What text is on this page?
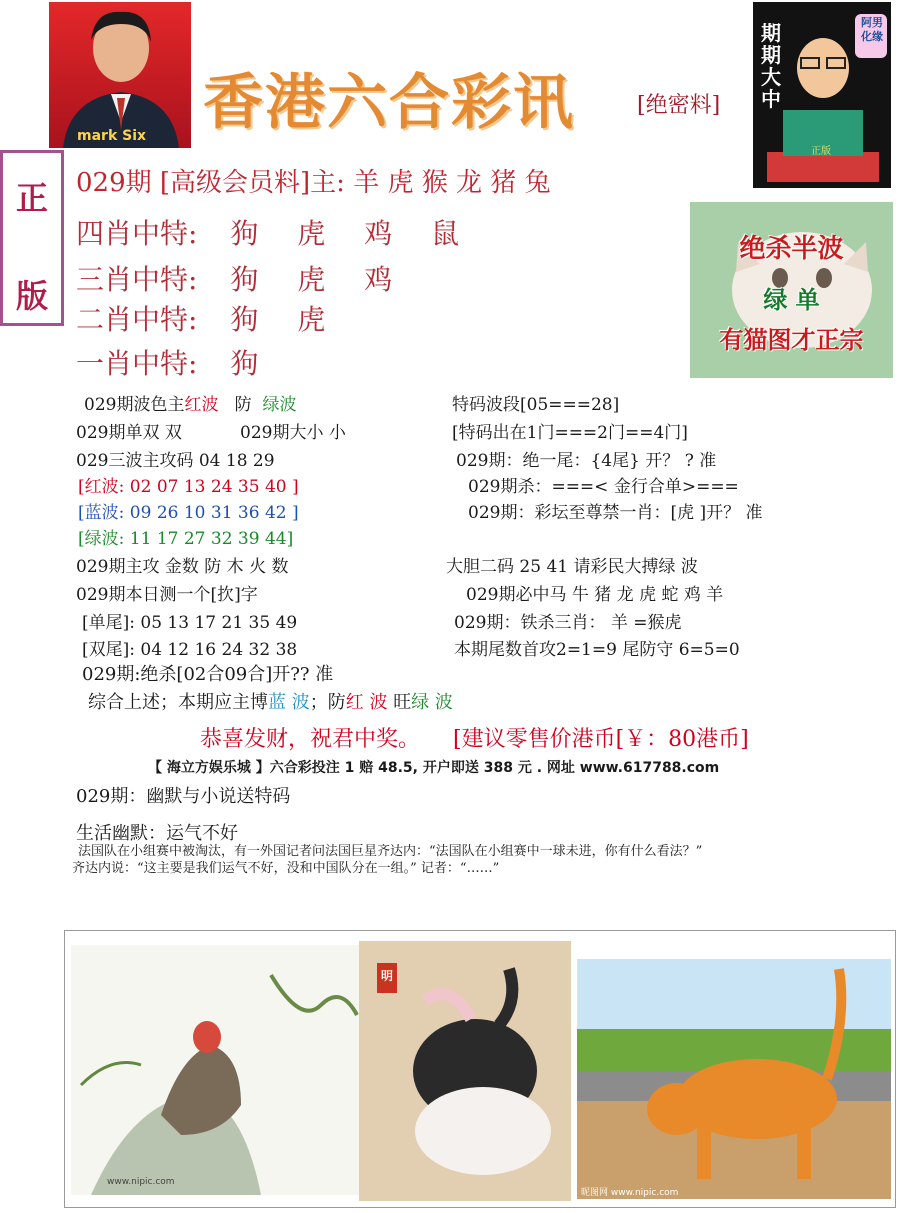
mark Six 香港六合彩讯	[绝密料]
期
期
大
中
阿男
化缘
正版
正
版
029期 [高级会员料]主: 羊 虎 猴 龙 猪 兔
四肖中特: 狗 虎 鸡 鼠
三肖中特: 狗 虎 鸡
二肖中特: 狗 虎
一肖中特: 狗
绝杀半波
绿 单
有猫图才正宗
029期波色主红波 防 绿波
029期单双 双	029期大小 小
029三波主攻码 04 18 29
[红波: 02 07 13 24 35 40 ]
[蓝波: 09 26 10 31 36 42 ]
[绿波: 11 17 27 32 39 44]
029期主攻 金数 防 木 火 数
029期本日测一个[扻]字
[单尾]: 05 13 17 21 35 49
[双尾]: 04 12 16 24 32 38
029期:绝杀[02合09合]开?? 准
综合上述；本期应主博蓝 波；防红 波 旺绿 波
特码波段[05===28]
[特码出在1门===2门==4门]
029期：绝一尾：{4尾} 开？ ? 准
029期杀：===< 金行合单>===
029期：彩坛至尊禁一肖：[虎 ]开？ 准
大胆二码 25 41 请彩民大搏绿 波
029期必中马 牛 猪 龙 虎 蛇 鸡 羊
029期：铁杀三肖： 羊 =猴虎
本期尾数首攻2=1=9 尾防守 6=5=0
恭喜发财，祝君中奖。 [建议零售价港币[￥：80港币]
【 海立方娱乐城 】六合彩投注 1 赔 48.5, 开户即送 388 元 . 网址 www.617788.com
029期：幽默与小说送特码
生活幽默：运气不好
法国队在小组赛中被淘汰，有一外国记者问法国巨星齐达内：“法国队在小组赛中一球未进，你有什么看法？”
齐达内说：“这主要是我们运气不好，没和中国队分在一组。” 记者：“……”
www.nipic.com
明
昵图网 www.nipic.com
